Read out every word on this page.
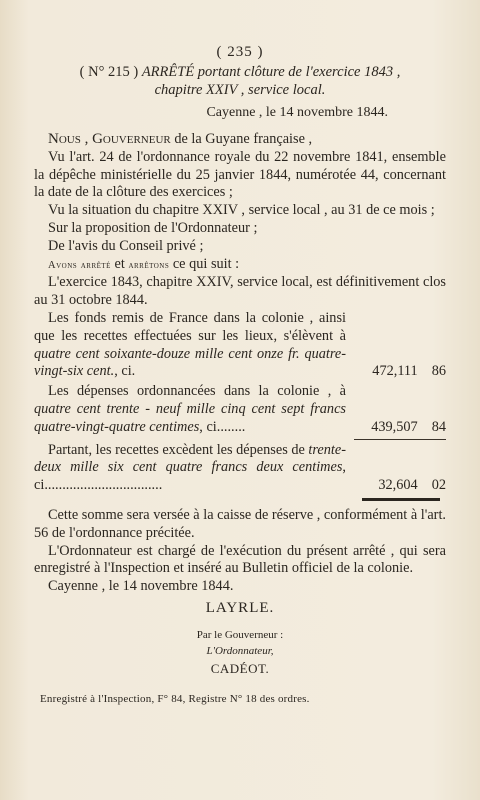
( 235 )
( N° 215 ) ARRÊTÉ portant clôture de l'exercice 1843 ,
chapitre XXIV , service local.
Cayenne , le 14 novembre 1844.

Nous , Gouverneur de la Guyane française ,

Vu l'art. 24 de l'ordonnance royale du 22 novembre 1841, ensemble la dépêche ministérielle du 25 janvier 1844, numérotée 44, concernant la date de la clôture des exercices ;

Vu la situation du chapitre XXIV , service local , au 31 de ce mois ;

Sur la proposition de l'Ordonnateur ;

De l'avis du Conseil privé ;

Avons arrêté et arrêtons ce qui suit :

L'exercice 1843, chapitre XXIV, service local, est définitivement clos au 31 octobre 1844.

Les fonds remis de France dans la colonie , ainsi que les recettes effectuées sur les lieux, s'élèvent à quatre cent soixante-douze mille cent onze fr. quatre-vingt-six cent., ci.	472,111 86

Les dépenses ordonnancées dans la colonie , à quatre cent trente - neuf mille cinq cent sept francs quatre-vingt-quatre centimes, ci........	439,507 84

Partant, les recettes excèdent les dépenses de trente-deux mille six cent quatre francs deux centimes, ci.................................	32,604 02

Cette somme sera versée à la caisse de réserve , conformément à l'art. 56 de l'ordonnance précitée.

L'Ordonnateur est chargé de l'exécution du présent arrêté , qui sera enregistré à l'Inspection et inséré au Bulletin officiel de la colonie.

Cayenne , le 14 novembre 1844.

LAYRLE.
Par le Gouverneur :
L'Ordonnateur,
CADÉOT.
Enregistré à l'Inspection, F° 84, Registre N° 18 des ordres.
